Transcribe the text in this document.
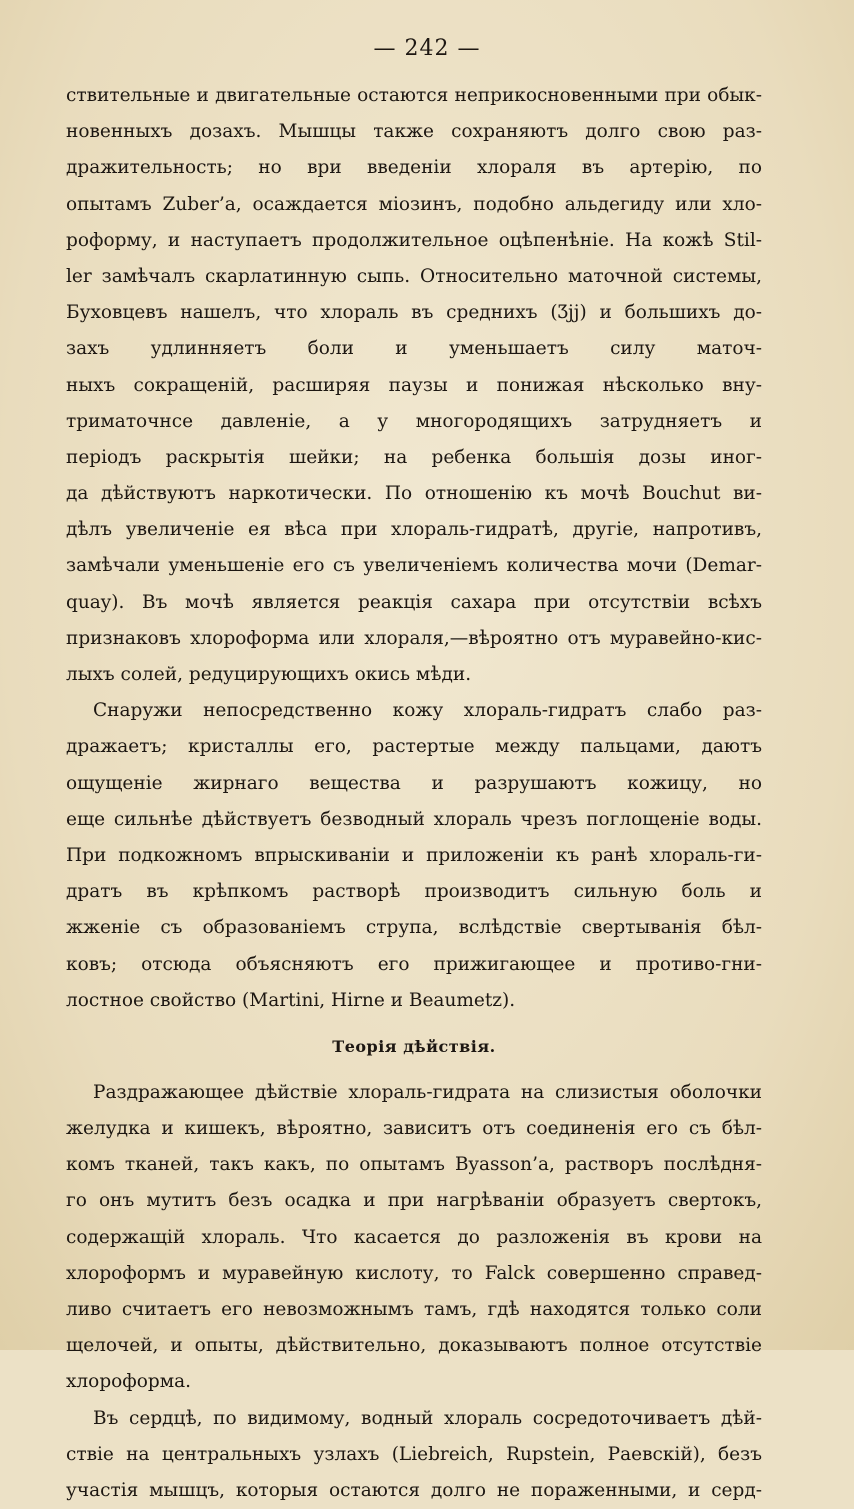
— 242 —
ствительные и двигательные остаются неприкосновенными при обык-
новенныхъ дозахъ. Мышцы также сохраняютъ долго свою раз-
дражительность; но ври введеніи хлораля въ артерію, по
опытамъ Zuber’a, осаждается міозинъ, подобно альдегиду или хло-
роформу, и наступаетъ продолжительное оцѣпенѣніе. На кожѣ Stil-
ler замѣчалъ скарлатинную сыпь. Относительно маточной системы,
Буховцевъ нашелъ, что хлораль въ среднихъ (Ʒjj) и большихъ до-
захъ удлинняетъ боли и уменьшаетъ силу маточ-
ныхъ сокращеній, расширяя паузы и понижая нѣсколько вну-
триматочнсе давленіе, а у многородящихъ затрудняетъ и
періодъ раскрытія шейки; на ребенка большія дозы иног-
да дѣйствуютъ наркотически. По отношенію къ мочѣ Bouchut ви-
дѣлъ увеличеніе ея вѣса при хлораль-гидратѣ, другіе, напротивъ,
замѣчали уменьшеніе его съ увеличеніемъ количества мочи (Demar-
quay). Въ мочѣ является реакція сахара при отсутствіи всѣхъ
признаковъ хлороформа или хлораля,—вѣроятно отъ муравейно-кис-
лыхъ солей, редуцирующихъ окись мѣди.
Снаружи непосредственно кожу хлораль-гидратъ слабо раз-
дражаетъ; кристаллы его, растертые между пальцами, даютъ
ощущеніе жирнаго вещества и разрушаютъ кожицу, но
еще сильнѣе дѣйствуетъ безводный хлораль чрезъ поглощеніе воды.
При подкожномъ впрыскиваніи и приложеніи къ ранѣ хлораль-ги-
дратъ въ крѣпкомъ растворѣ производитъ сильную боль и
жженіе съ образованіемъ струпа, вслѣдствіе свертыванія бѣл-
ковъ; отсюда объясняютъ его прижигающее и противо-гни-
лостное свойство (Martini, Hirne и Beaumetz).
Теорія дѣйствія.
Раздражающее дѣйствіе хлораль-гидрата на слизистыя оболочки
желудка и кишекъ, вѣроятно, зависитъ отъ соединенія его съ бѣл-
комъ тканей, такъ какъ, по опытамъ Byasson’a, растворъ послѣдня-
го онъ мутитъ безъ осадка и при нагрѣваніи образуетъ свертокъ,
содержащій хлораль. Что касается до разложенія въ крови на
хлороформъ и муравейную кислоту, то Falck совершенно справед-
ливо считаетъ его невозможнымъ тамъ, гдѣ находятся только соли
щелочей, и опыты, дѣйствительно, доказываютъ полное отсутствіе
хлороформа.
Въ сердцѣ, по видимому, водный хлораль сосредоточиваетъ дѣй-
ствіе на центральныхъ узлахъ (Liebreich, Rupstein, Раевскій), безъ
участія мышцъ, которыя остаются долго не пораженными, и серд-
